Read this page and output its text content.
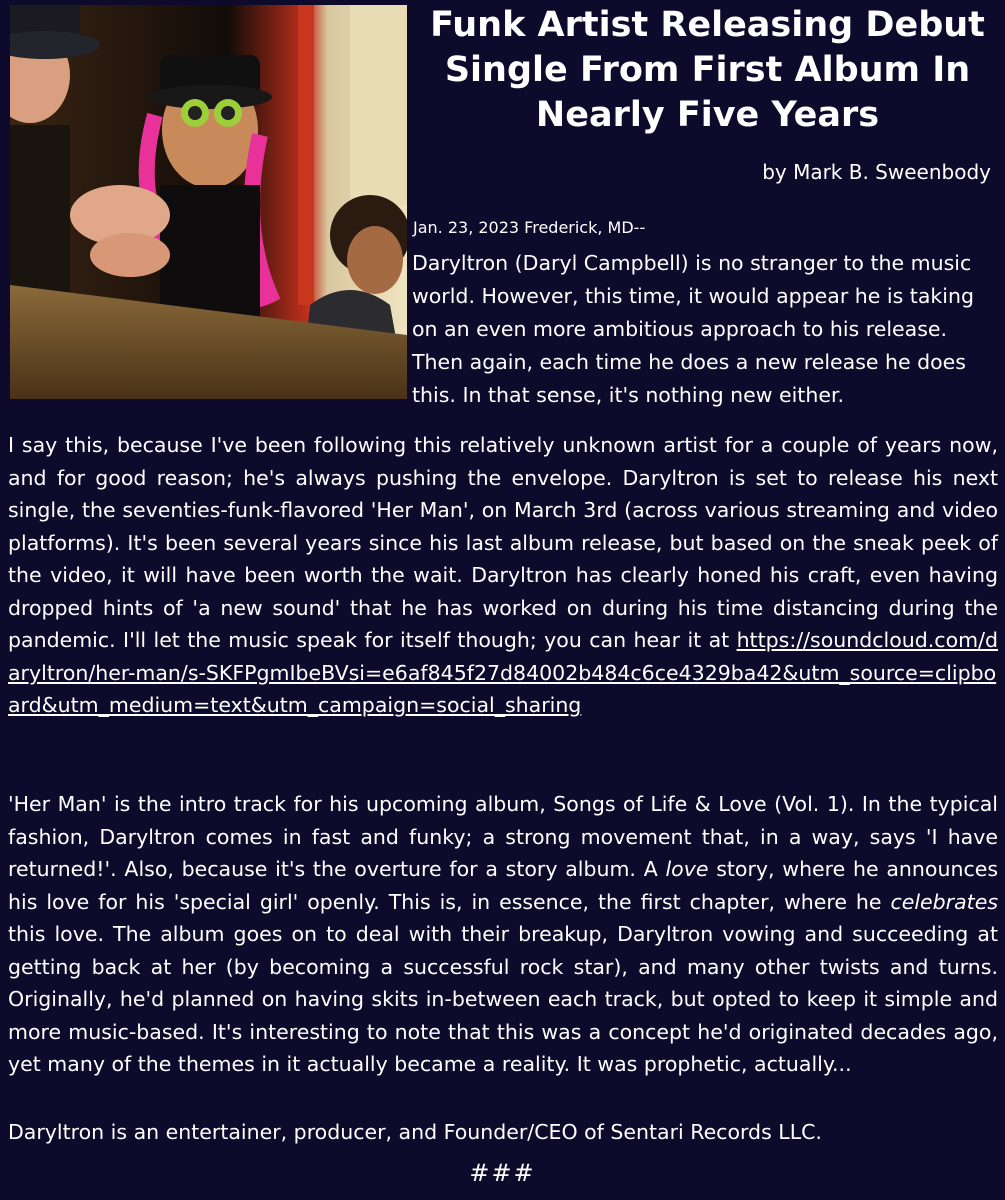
Funk Artist Releasing Debut Single From First Album In Nearly Five Years
by Mark B. Sweenbody
Jan. 23, 2023 Frederick, MD--

Daryltron (Daryl Campbell) is no stranger to the music world. However, this time, it would appear he is taking on an even more ambitious approach to his release. Then again, each time he does a new release he does this. In that sense, it's nothing new either.

I say this, because I've been following this relatively unknown artist for a couple of years now, and for good reason; he's always pushing the envelope. Daryltron is set to release his next single, the seventies-funk-flavored 'Her Man', on March 3rd (across various streaming and video platforms). It's been several years since his last album release, but based on the sneak peek of the video, it will have been worth the wait. Daryltron has clearly honed his craft, even having dropped hints of 'a new sound' that he has worked on during his time distancing during the pandemic. I'll let the music speak for itself though; you can hear it at https://soundcloud.com/daryltron/her-man/s-SKFPgmIbeBVsi=e6af845f27d84002b484c6ce4329ba42&utm_source=clipboard&utm_medium=text&utm_campaign=social_sharing

'Her Man' is the intro track for his upcoming album, Songs of Life & Love (Vol. 1). In the typical fashion, Daryltron comes in fast and funky; a strong movement that, in a way, says 'I have returned!'. Also, because it's the overture for a story album. A love story, where he announces his love for his 'special girl' openly. This is, in essence, the first chapter, where he celebrates this love. The album goes on to deal with their breakup, Daryltron vowing and succeeding at getting back at her (by becoming a successful rock star), and many other twists and turns. Originally, he'd planned on having skits in-between each track, but opted to keep it simple and more music-based. It's interesting to note that this was a concept he'd originated decades ago, yet many of the themes in it actually became a reality. It was prophetic, actually...

Daryltron is an entertainer, producer, and Founder/CEO of Sentari Records LLC.
###
